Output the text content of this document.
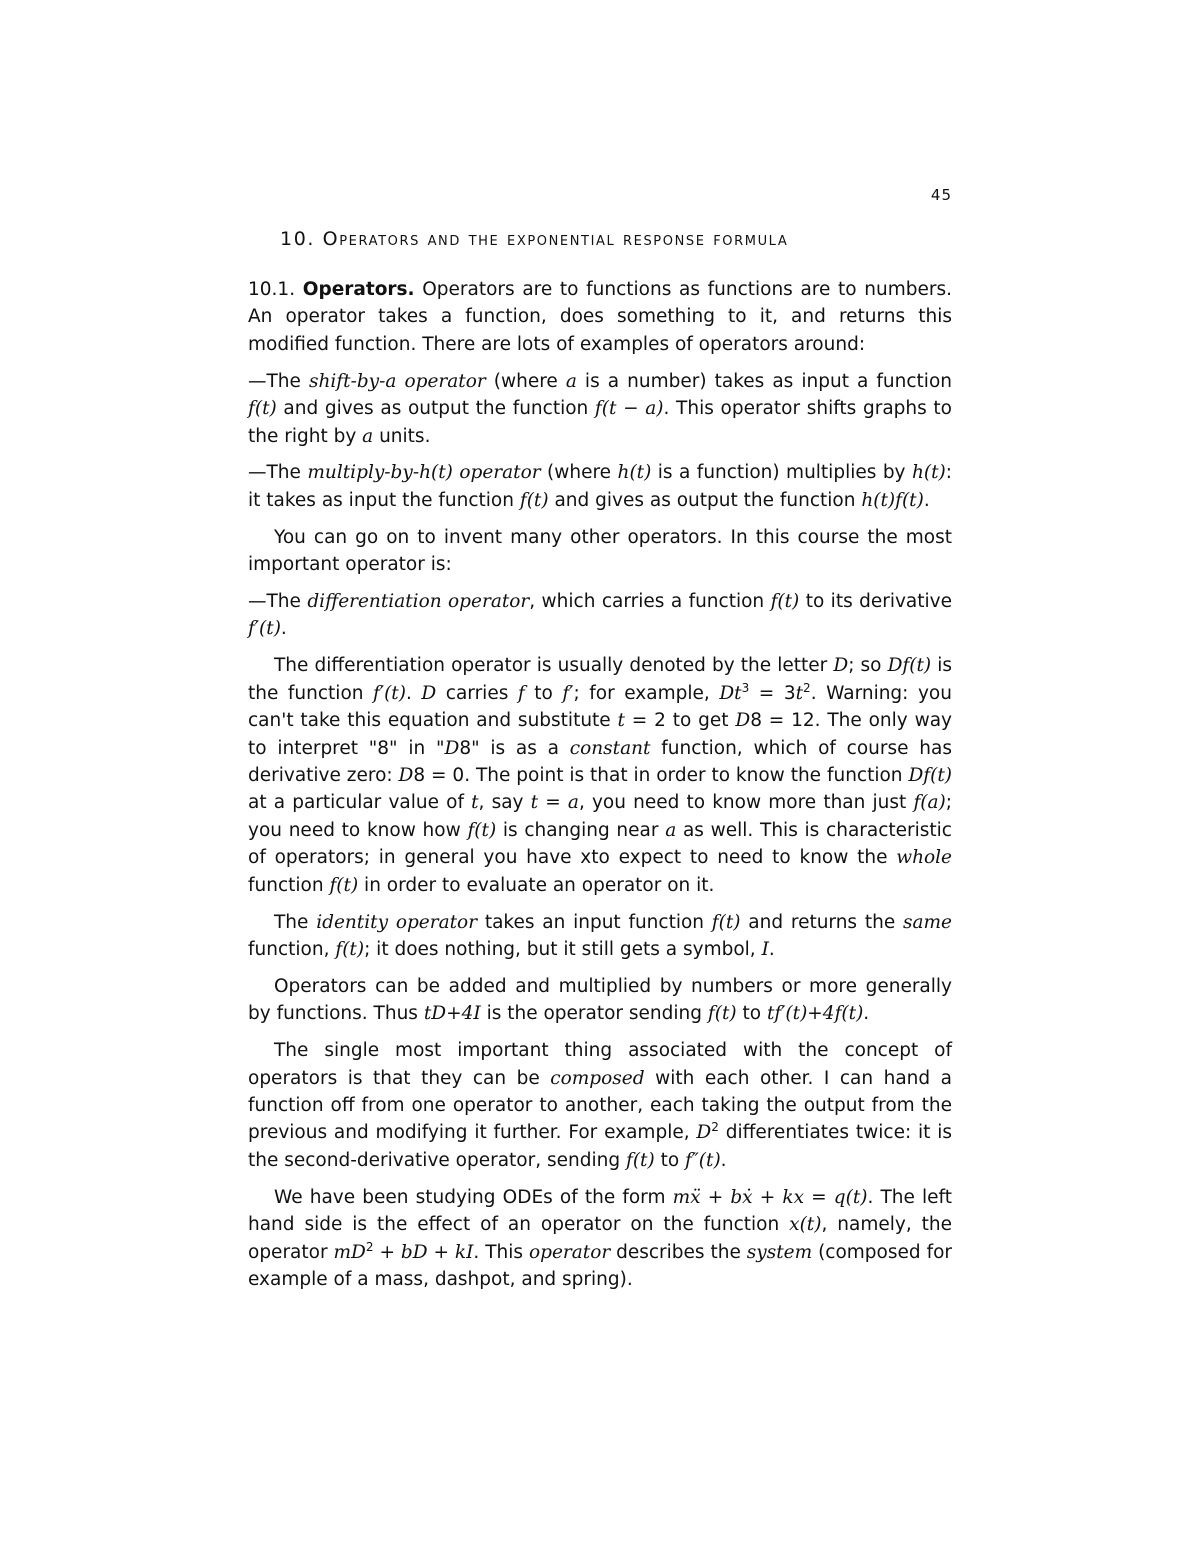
45
10. Operators and the exponential response formula

10.1. Operators. Operators are to functions as functions are to numbers. An operator takes a function, does something to it, and returns this modified function. There are lots of examples of operators around:

—The shift-by-a operator (where a is a number) takes as input a function f(t) and gives as output the function f(t − a). This operator shifts graphs to the right by a units.

—The multiply-by-h(t) operator (where h(t) is a function) multiplies by h(t): it takes as input the function f(t) and gives as output the function h(t)f(t).

You can go on to invent many other operators. In this course the most important operator is:

—The differentiation operator, which carries a function f(t) to its derivative f′(t).

The differentiation operator is usually denoted by the letter D; so Df(t) is the function f′(t). D carries f to f′; for example, $Dt^3 = 3t^2$. Warning: you can't take this equation and substitute t = 2 to get D8 = 12. The only way to interpret "8" in "D8" is as a constant function, which of course has derivative zero: D8 = 0. The point is that in order to know the function Df(t) at a particular value of t, say t = a, you need to know more than just f(a); you need to know how f(t) is changing near a as well. This is characteristic of operators; in general you have xto expect to need to know the whole function f(t) in order to evaluate an operator on it.

The identity operator takes an input function f(t) and returns the same function, f(t); it does nothing, but it still gets a symbol, I.

Operators can be added and multiplied by numbers or more generally by functions. Thus tD+4I is the operator sending f(t) to tf′(t)+4f(t).

The single most important thing associated with the concept of operators is that they can be composed with each other. I can hand a function off from one operator to another, each taking the output from the previous and modifying it further. For example, $D^2$ differentiates twice: it is the second-derivative operator, sending f(t) to f″(t).

We have been studying ODEs of the form mẍ + bẋ + kx = q(t). The left hand side is the effect of an operator on the function x(t), namely, the operator $mD^2$ + bD + kI. This operator describes the system (composed for example of a mass, dashpot, and spring).
